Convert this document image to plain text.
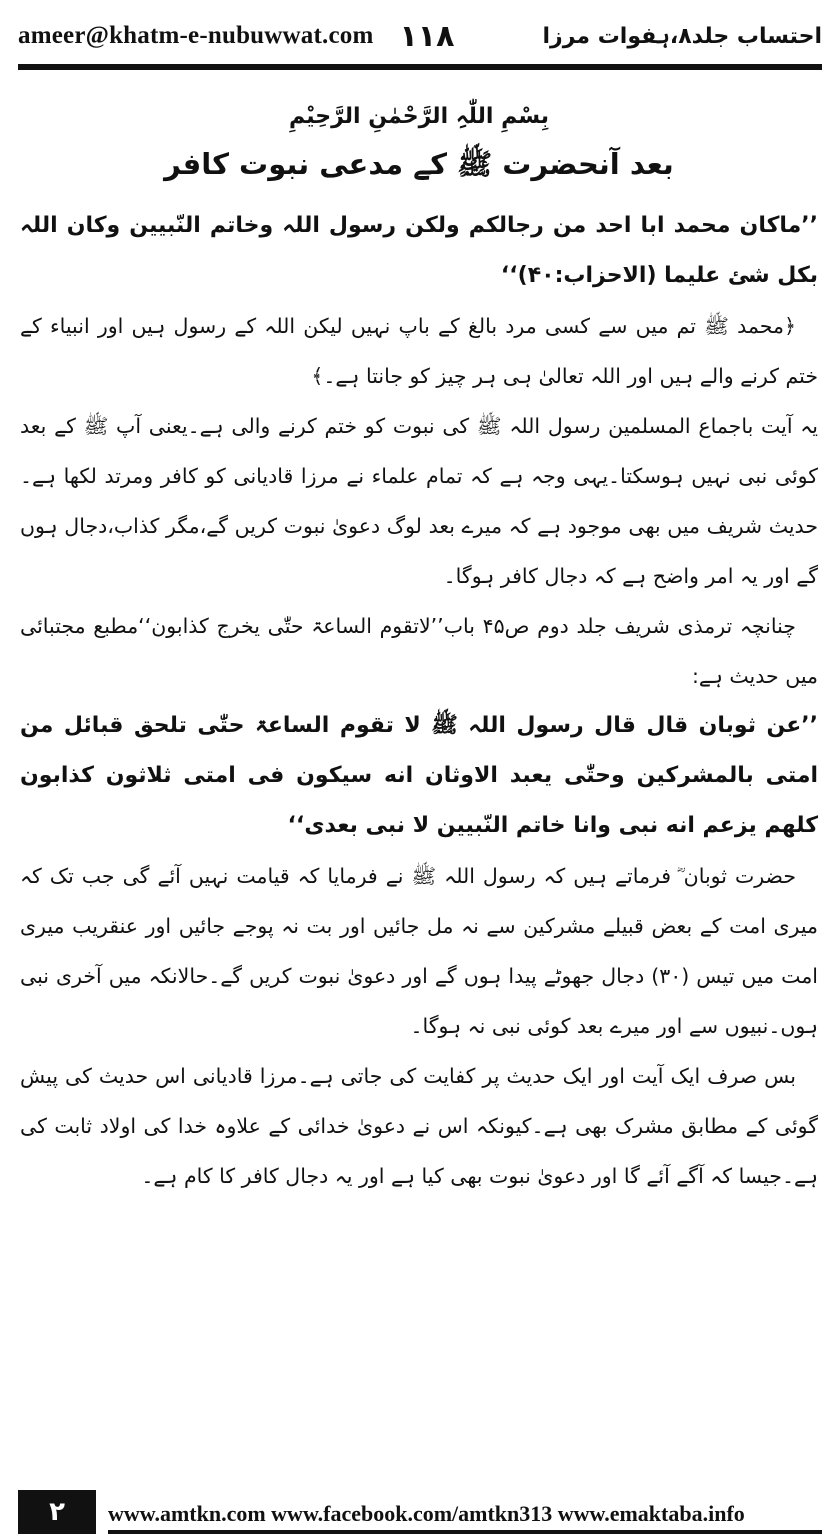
ameer@khatm-e-nubuwwat.com ۱۱۸	احتساب جلد۸،ہفوات مرزا
بِسْمِ اللّٰہِ الرَّحْمٰنِ الرَّحِیْمِ
بعد آنحضرت ﷺ کے مدعی نبوت کافر

’’ماکان محمد ابا احد من رجالکم ولکن رسول اللہ وخاتم النّبیین وکان اللہ بکل شئ علیما (الاحزاب:۴۰)‘‘

﴿محمد ﷺ تم میں سے کسی مرد بالغ کے باپ نہیں لیکن اللہ کے رسول ہیں اور انبیاء کے ختم کرنے والے ہیں اور اللہ تعالیٰ ہی ہر چیز کو جانتا ہے۔﴾

یہ آیت باجماع المسلمین رسول اللہ ﷺ کی نبوت کو ختم کرنے والی ہے۔یعنی آپ ﷺ کے بعد کوئی نبی نہیں ہوسکتا۔یہی وجہ ہے کہ تمام علماء نے مرزا قادیانی کو کافر ومرتد لکھا ہے۔حدیث شریف میں بھی موجود ہے کہ میرے بعد لوگ دعویٰ نبوت کریں گے،مگر کذاب،دجال ہوں گے اور یہ امر واضح ہے کہ دجال کافر ہوگا۔

چنانچہ ترمذی شریف جلد دوم ص۴۵ باب’’لاتقوم الساعۃ حتّٰی یخرج کذابون‘‘مطبع مجتبائی میں حدیث ہے:

’’عن ثوبان قال قال رسول اللہ ﷺ لا تقوم الساعۃ حتّٰی تلحق قبائل من امتی بالمشرکین وحتّٰی یعبد الاوثان انه سیکون فی امتی ثلاثون کذابون کلھم یزعم انه نبی وانا خاتم النّبیین لا نبی بعدی‘‘

حضرت ثوبان ؓ فرماتے ہیں کہ رسول اللہ ﷺ نے فرمایا کہ قیامت نہیں آئے گی جب تک کہ میری امت کے بعض قبیلے مشرکین سے نہ مل جائیں اور بت نہ پوجے جائیں اور عنقریب میری امت میں تیس (۳۰) دجال جھوٹے پیدا ہوں گے اور دعویٰ نبوت کریں گے۔حالانکہ میں آخری نبی ہوں۔نبیوں سے اور میرے بعد کوئی نبی نہ ہوگا۔

بس صرف ایک آیت اور ایک حدیث پر کفایت کی جاتی ہے۔مرزا قادیانی اس حدیث کی پیش گوئی کے مطابق مشرک بھی ہے۔کیونکہ اس نے دعویٰ خدائی کے علاوہ خدا کی اولاد ثابت کی ہے۔جیسا کہ آگے آئے گا اور دعویٰ نبوت بھی کیا ہے اور یہ دجال کافر کا کام ہے۔

۲	www.amtkn.com www.facebook.com/amtkn313 www.emaktaba.info
